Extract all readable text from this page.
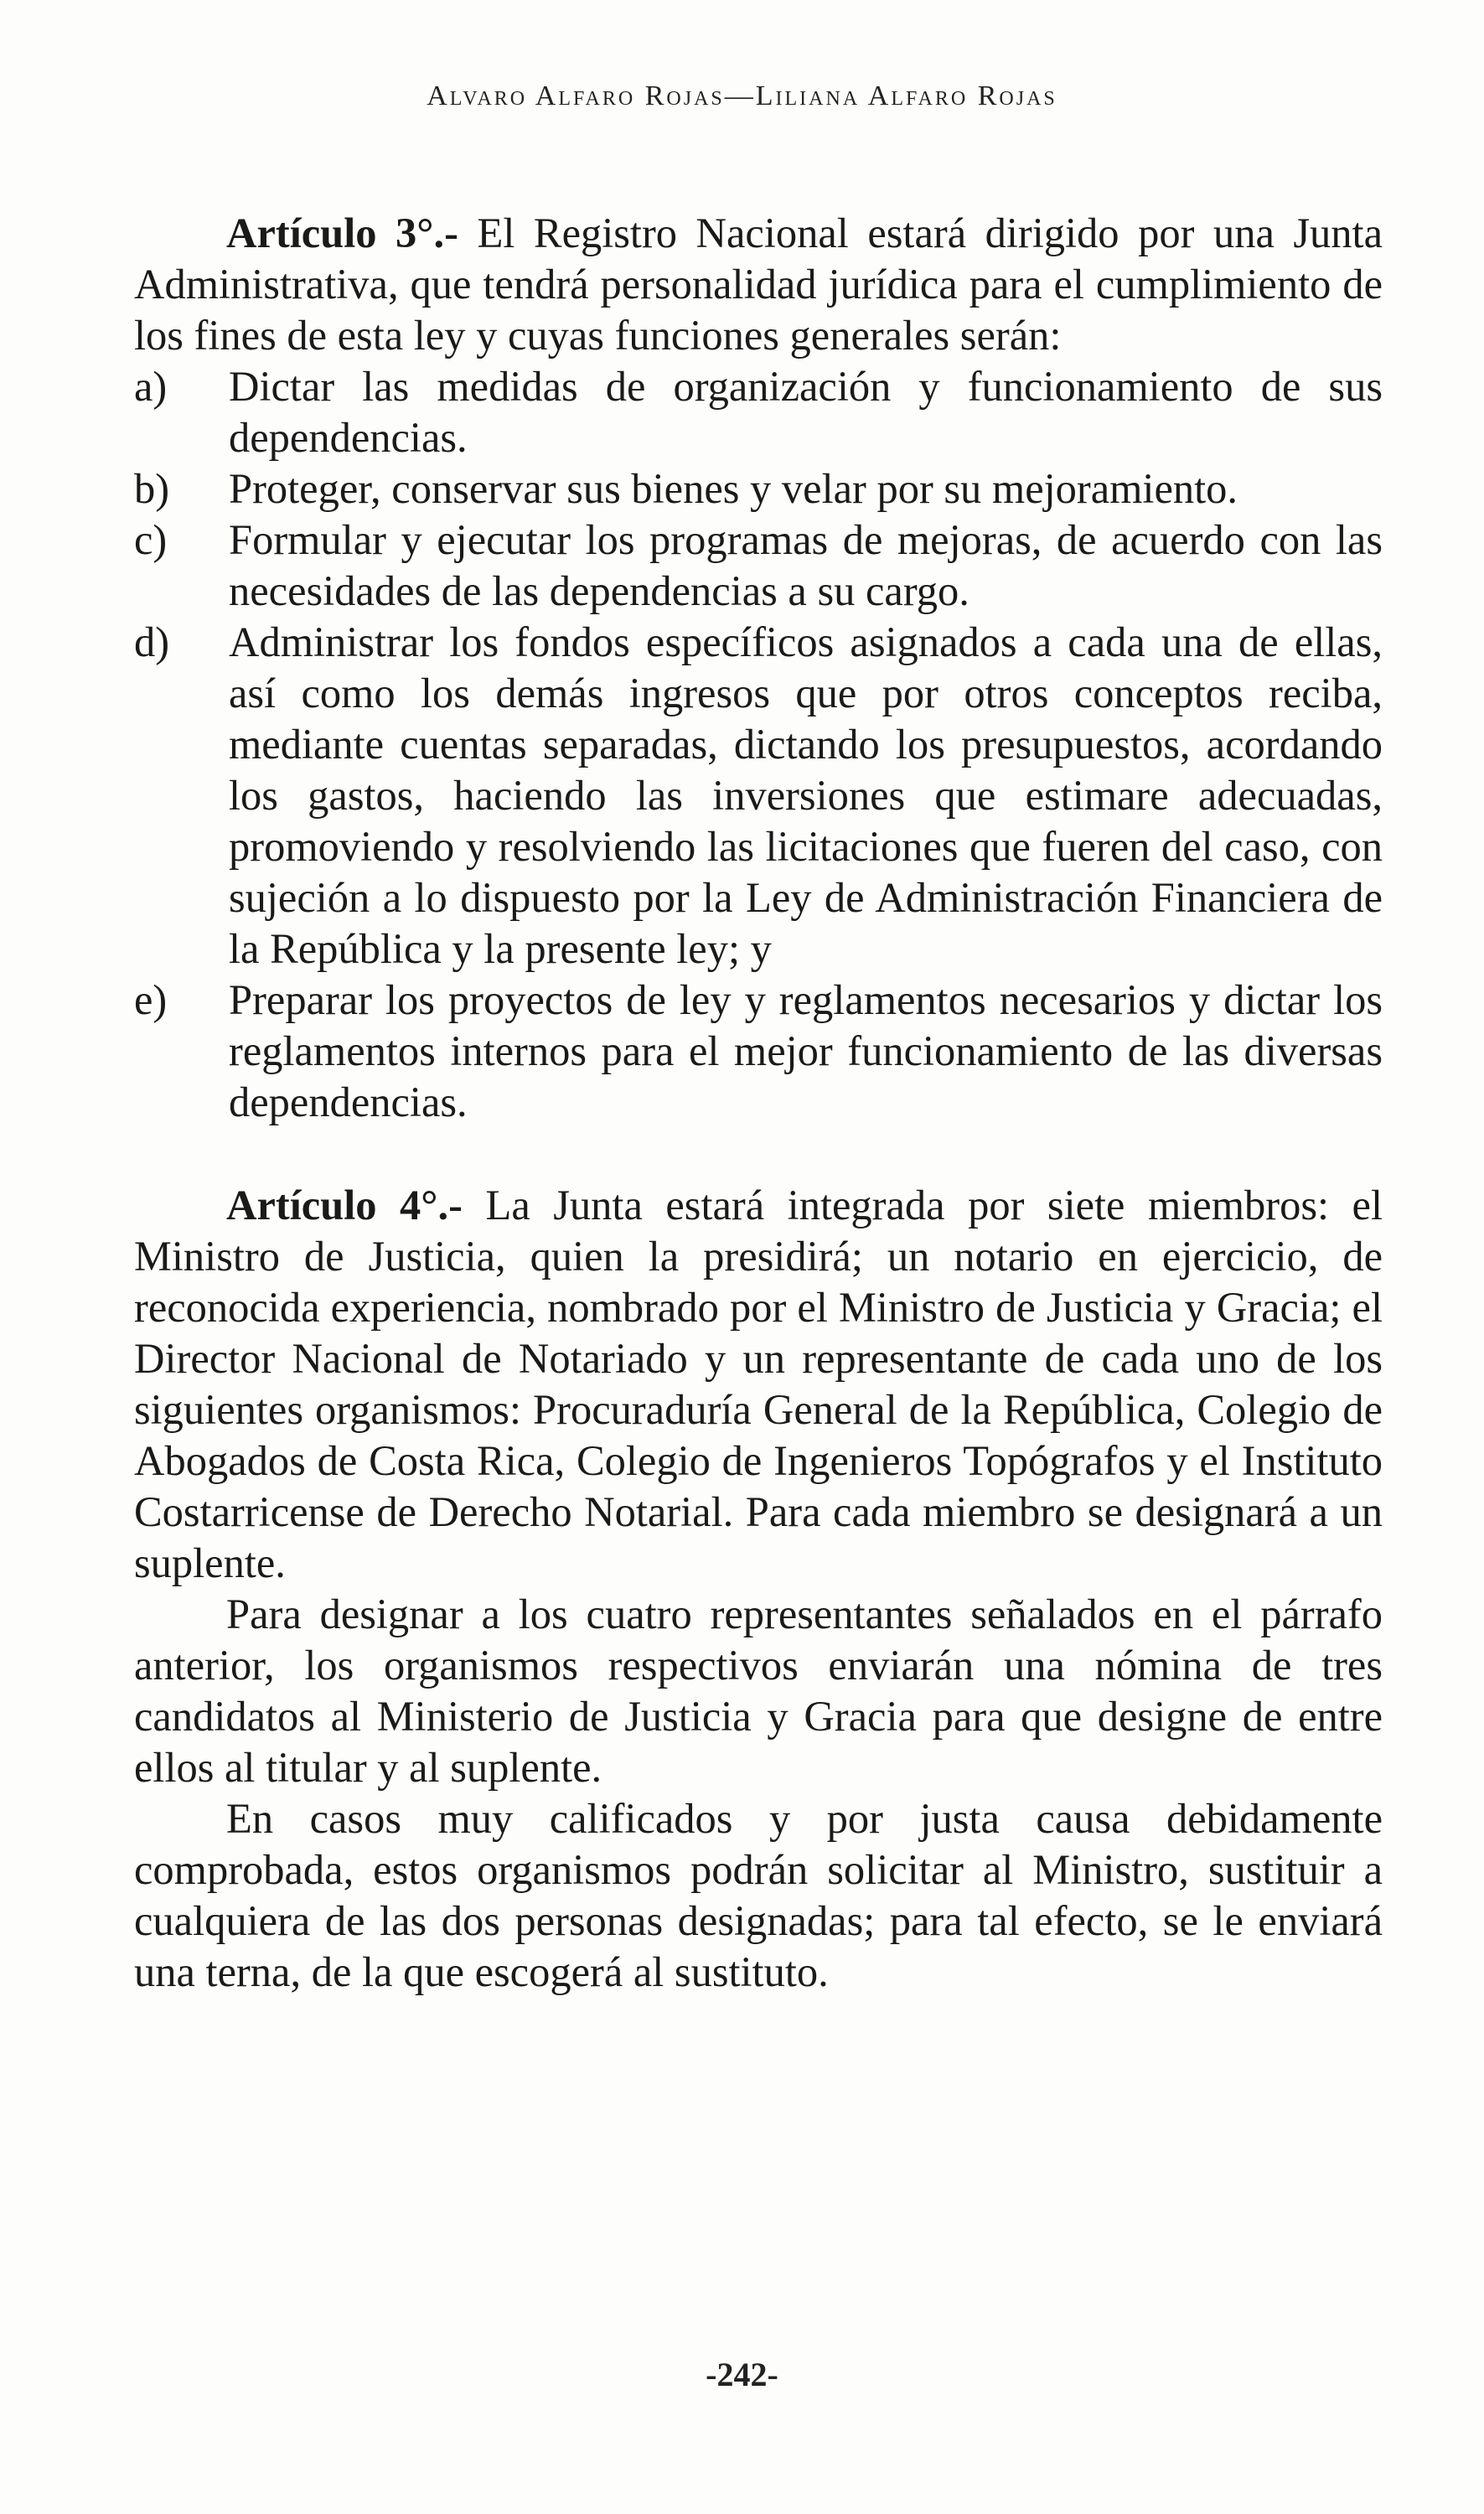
Alvaro Alfaro Rojas—Liliana Alfaro Rojas

Artículo 3°.- El Registro Nacional estará dirigido por una Junta Administrativa, que tendrá personalidad jurídica para el cumplimiento de los fines de esta ley y cuyas funciones generales serán:

a)	Dictar las medidas de organización y funcionamiento de sus dependencias.
b)	Proteger, conservar sus bienes y velar por su mejoramiento.
c)	Formular y ejecutar los programas de mejoras, de acuerdo con las necesidades de las dependencias a su cargo.
d)	Administrar los fondos específicos asignados a cada una de ellas, así como los demás ingresos que por otros conceptos reciba, mediante cuentas separadas, dictando los presupuestos, acordando los gastos, haciendo las inversiones que estimare adecuadas, promoviendo y resolviendo las licitaciones que fueren del caso, con sujeción a lo dispuesto por la Ley de Administración Financiera de la República y la presente ley; y
e)	Preparar los proyectos de ley y reglamentos necesarios y dictar los reglamentos internos para el mejor funcionamiento de las diversas dependencias.

Artículo 4°.- La Junta estará integrada por siete miembros: el Ministro de Justicia, quien la presidirá; un notario en ejercicio, de reconocida experiencia, nombrado por el Ministro de Justicia y Gracia; el Director Nacional de Notariado y un representante de cada uno de los siguientes organismos: Procuraduría General de la República, Colegio de Abogados de Costa Rica, Colegio de Ingenieros Topógrafos y el Instituto Costarricense de Derecho Notarial. Para cada miembro se designará a un suplente.

Para designar a los cuatro representantes señalados en el párrafo anterior, los organismos respectivos enviarán una nómina de tres candidatos al Ministerio de Justicia y Gracia para que designe de entre ellos al titular y al suplente.

En casos muy calificados y por justa causa debidamente comprobada, estos organismos podrán solicitar al Ministro, sustituir a cualquiera de las dos personas designadas; para tal efecto, se le enviará una terna, de la que escogerá al sustituto.

-242-
